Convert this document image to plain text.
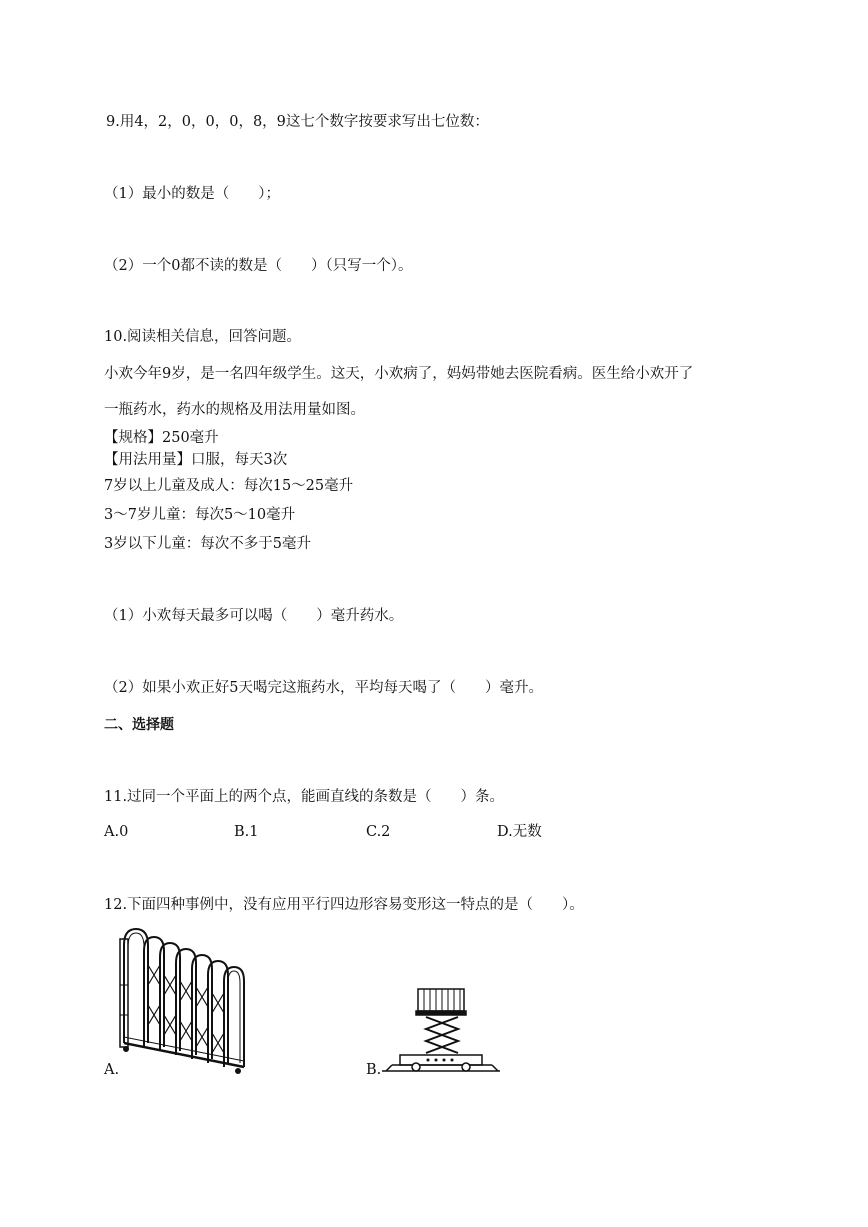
9.用4，2，0，0，0，8，9这七个数字按要求写出七位数：
（1）最小的数是（　　）；
（2）一个0都不读的数是（　　）（只写一个）。
10.阅读相关信息，回答问题。
小欢今年9岁，是一名四年级学生。这天，小欢病了，妈妈带她去医院看病。医生给小欢开了
一瓶药水，药水的规格及用法用量如图。
【规格】250毫升
【用法用量】口服，每天3次
7岁以上儿童及成人：每次15～25毫升
3～7岁儿童：每次5～10毫升
3岁以下儿童：每次不多于5毫升
（1）小欢每天最多可以喝（　　）毫升药水。
（2）如果小欢正好5天喝完这瓶药水，平均每天喝了（　　）毫升。
二、选择题
11.过同一个平面上的两个点，能画直线的条数是（　　）条。
A.0	B.1	C.2	D.无数
12.下面四种事例中，没有应用平行四边形容易变形这一特点的是（　　）。
A.	B.
